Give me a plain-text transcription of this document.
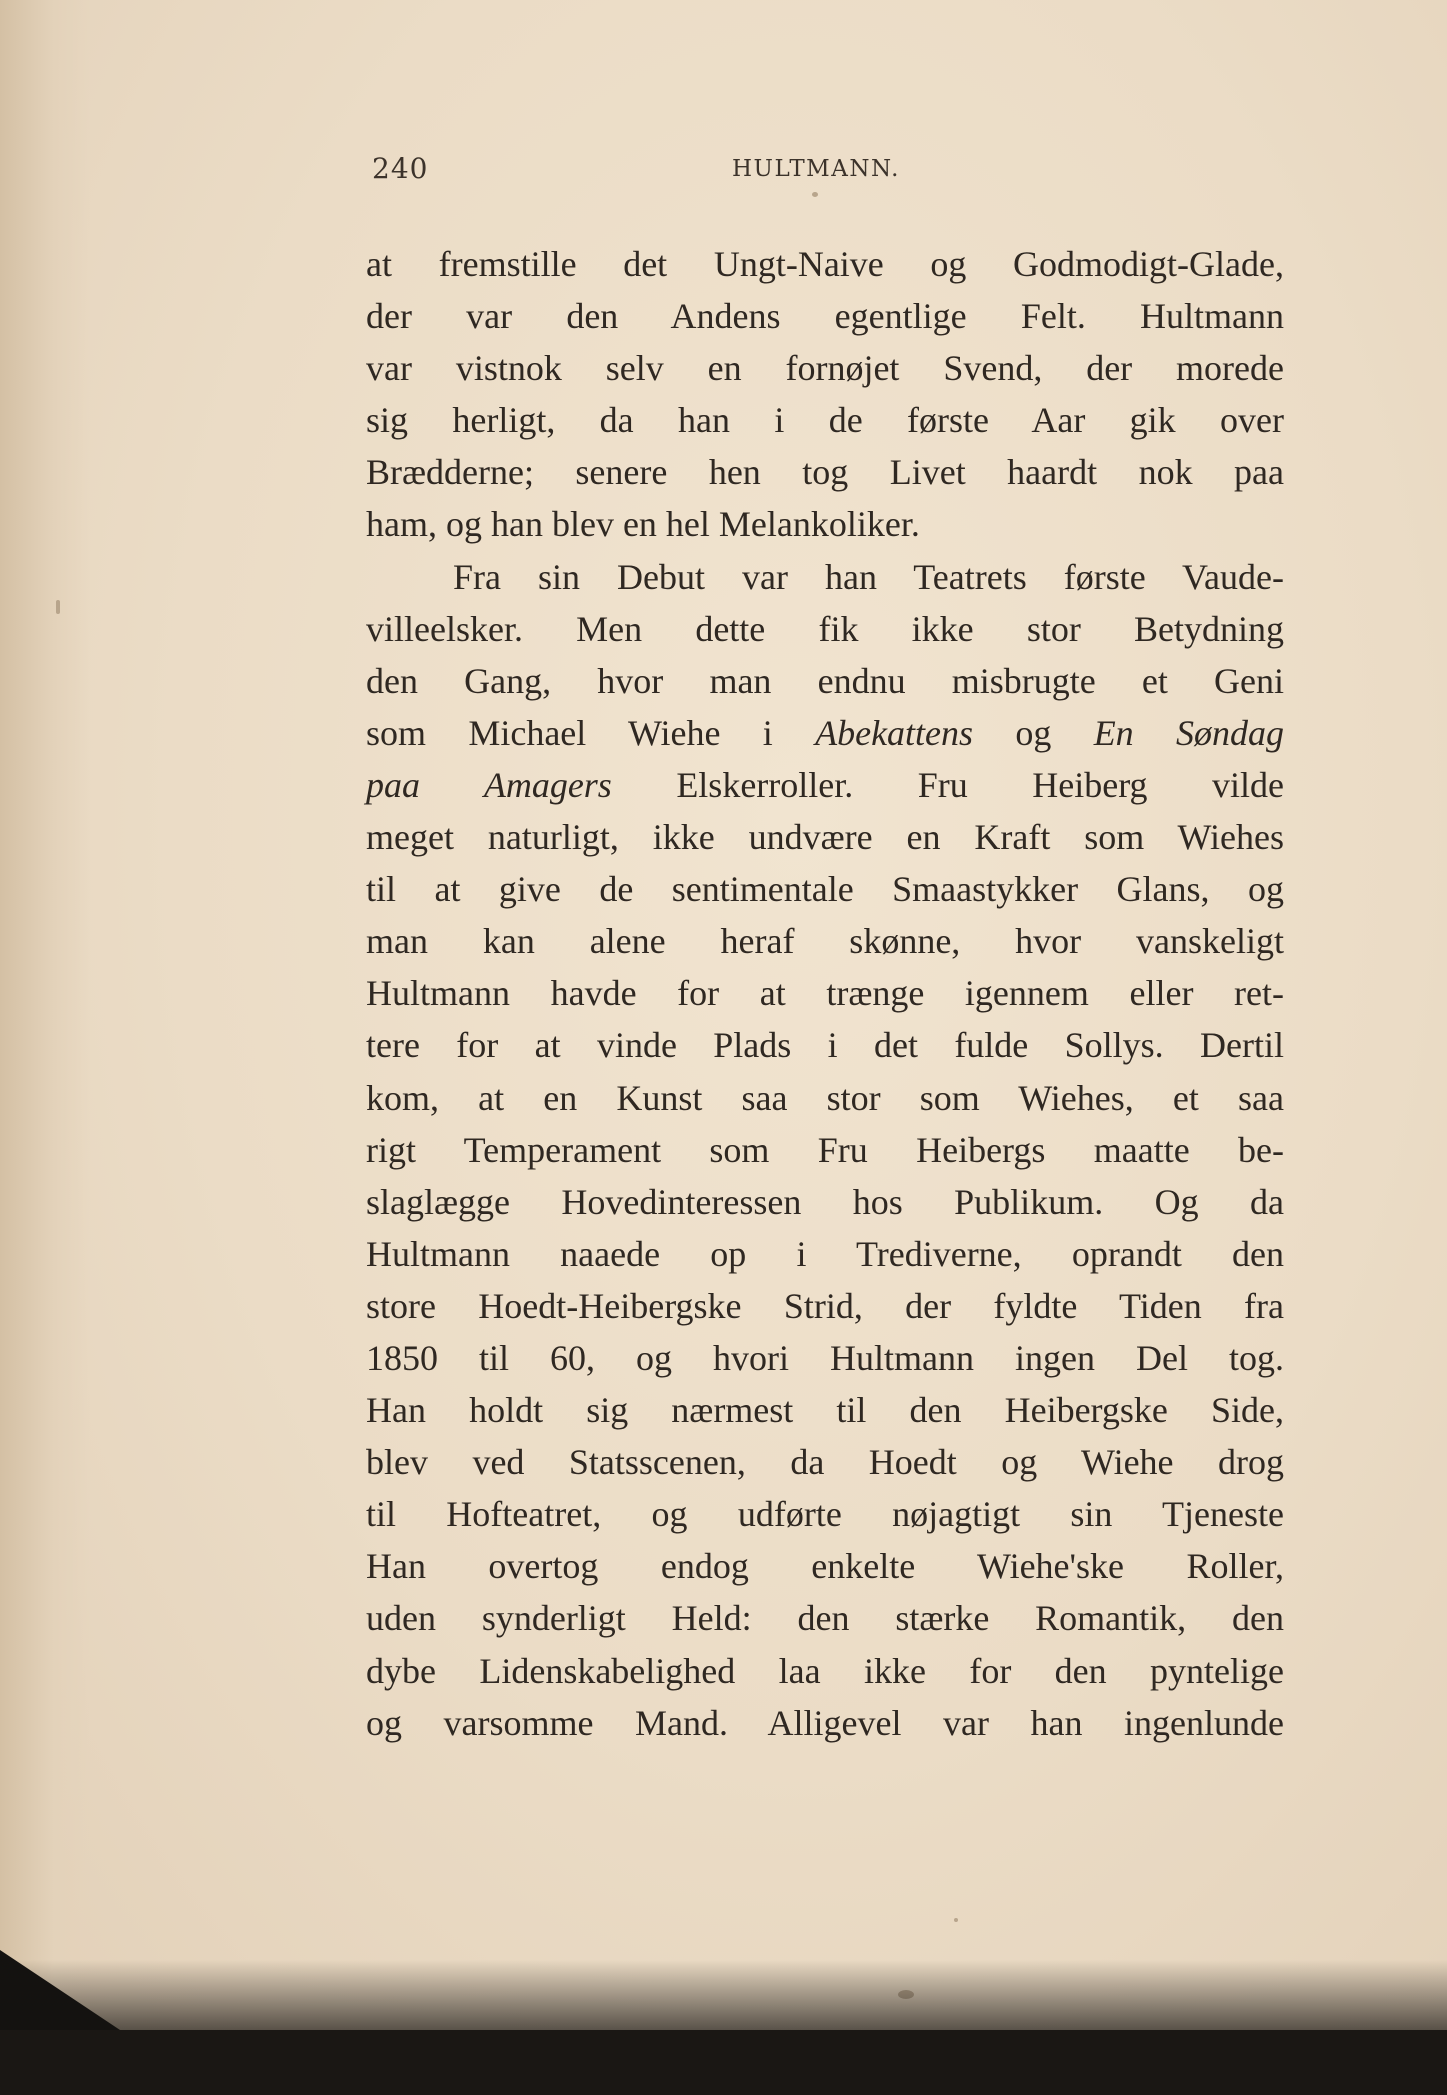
240	HULTMANN.
at fremstille det Ungt-Naive og Godmodigt-Glade,
der var den Andens egentlige Felt. Hultmann
var vistnok selv en fornøjet Svend, der morede
sig herligt, da han i de første Aar gik over
Brædderne; senere hen tog Livet haardt nok paa
ham, og han blev en hel Melankoliker.
Fra sin Debut var han Teatrets første Vaude-
villeelsker. Men dette fik ikke stor Betydning
den Gang, hvor man endnu misbrugte et Geni
som Michael Wiehe i Abekattens og En Søndag
paa Amagers Elskerroller. Fru Heiberg vilde
meget naturligt, ikke undvære en Kraft som Wiehes
til at give de sentimentale Smaastykker Glans, og
man kan alene heraf skønne, hvor vanskeligt
Hultmann havde for at trænge igennem eller ret-
tere for at vinde Plads i det fulde Sollys. Dertil
kom, at en Kunst saa stor som Wiehes, et saa
rigt Temperament som Fru Heibergs maatte be-
slaglægge Hovedinteressen hos Publikum. Og da
Hultmann naaede op i Trediverne, oprandt den
store Hoedt-Heibergske Strid, der fyldte Tiden fra
1850 til 60, og hvori Hultmann ingen Del tog.
Han holdt sig nærmest til den Heibergske Side,
blev ved Statsscenen, da Hoedt og Wiehe drog
til Hofteatret, og udførte nøjagtigt sin Tjeneste
Han overtog endog enkelte Wiehe'ske Roller,
uden synderligt Held: den stærke Romantik, den
dybe Lidenskabelighed laa ikke for den pyntelige
og varsomme Mand. Alligevel var han ingenlunde
